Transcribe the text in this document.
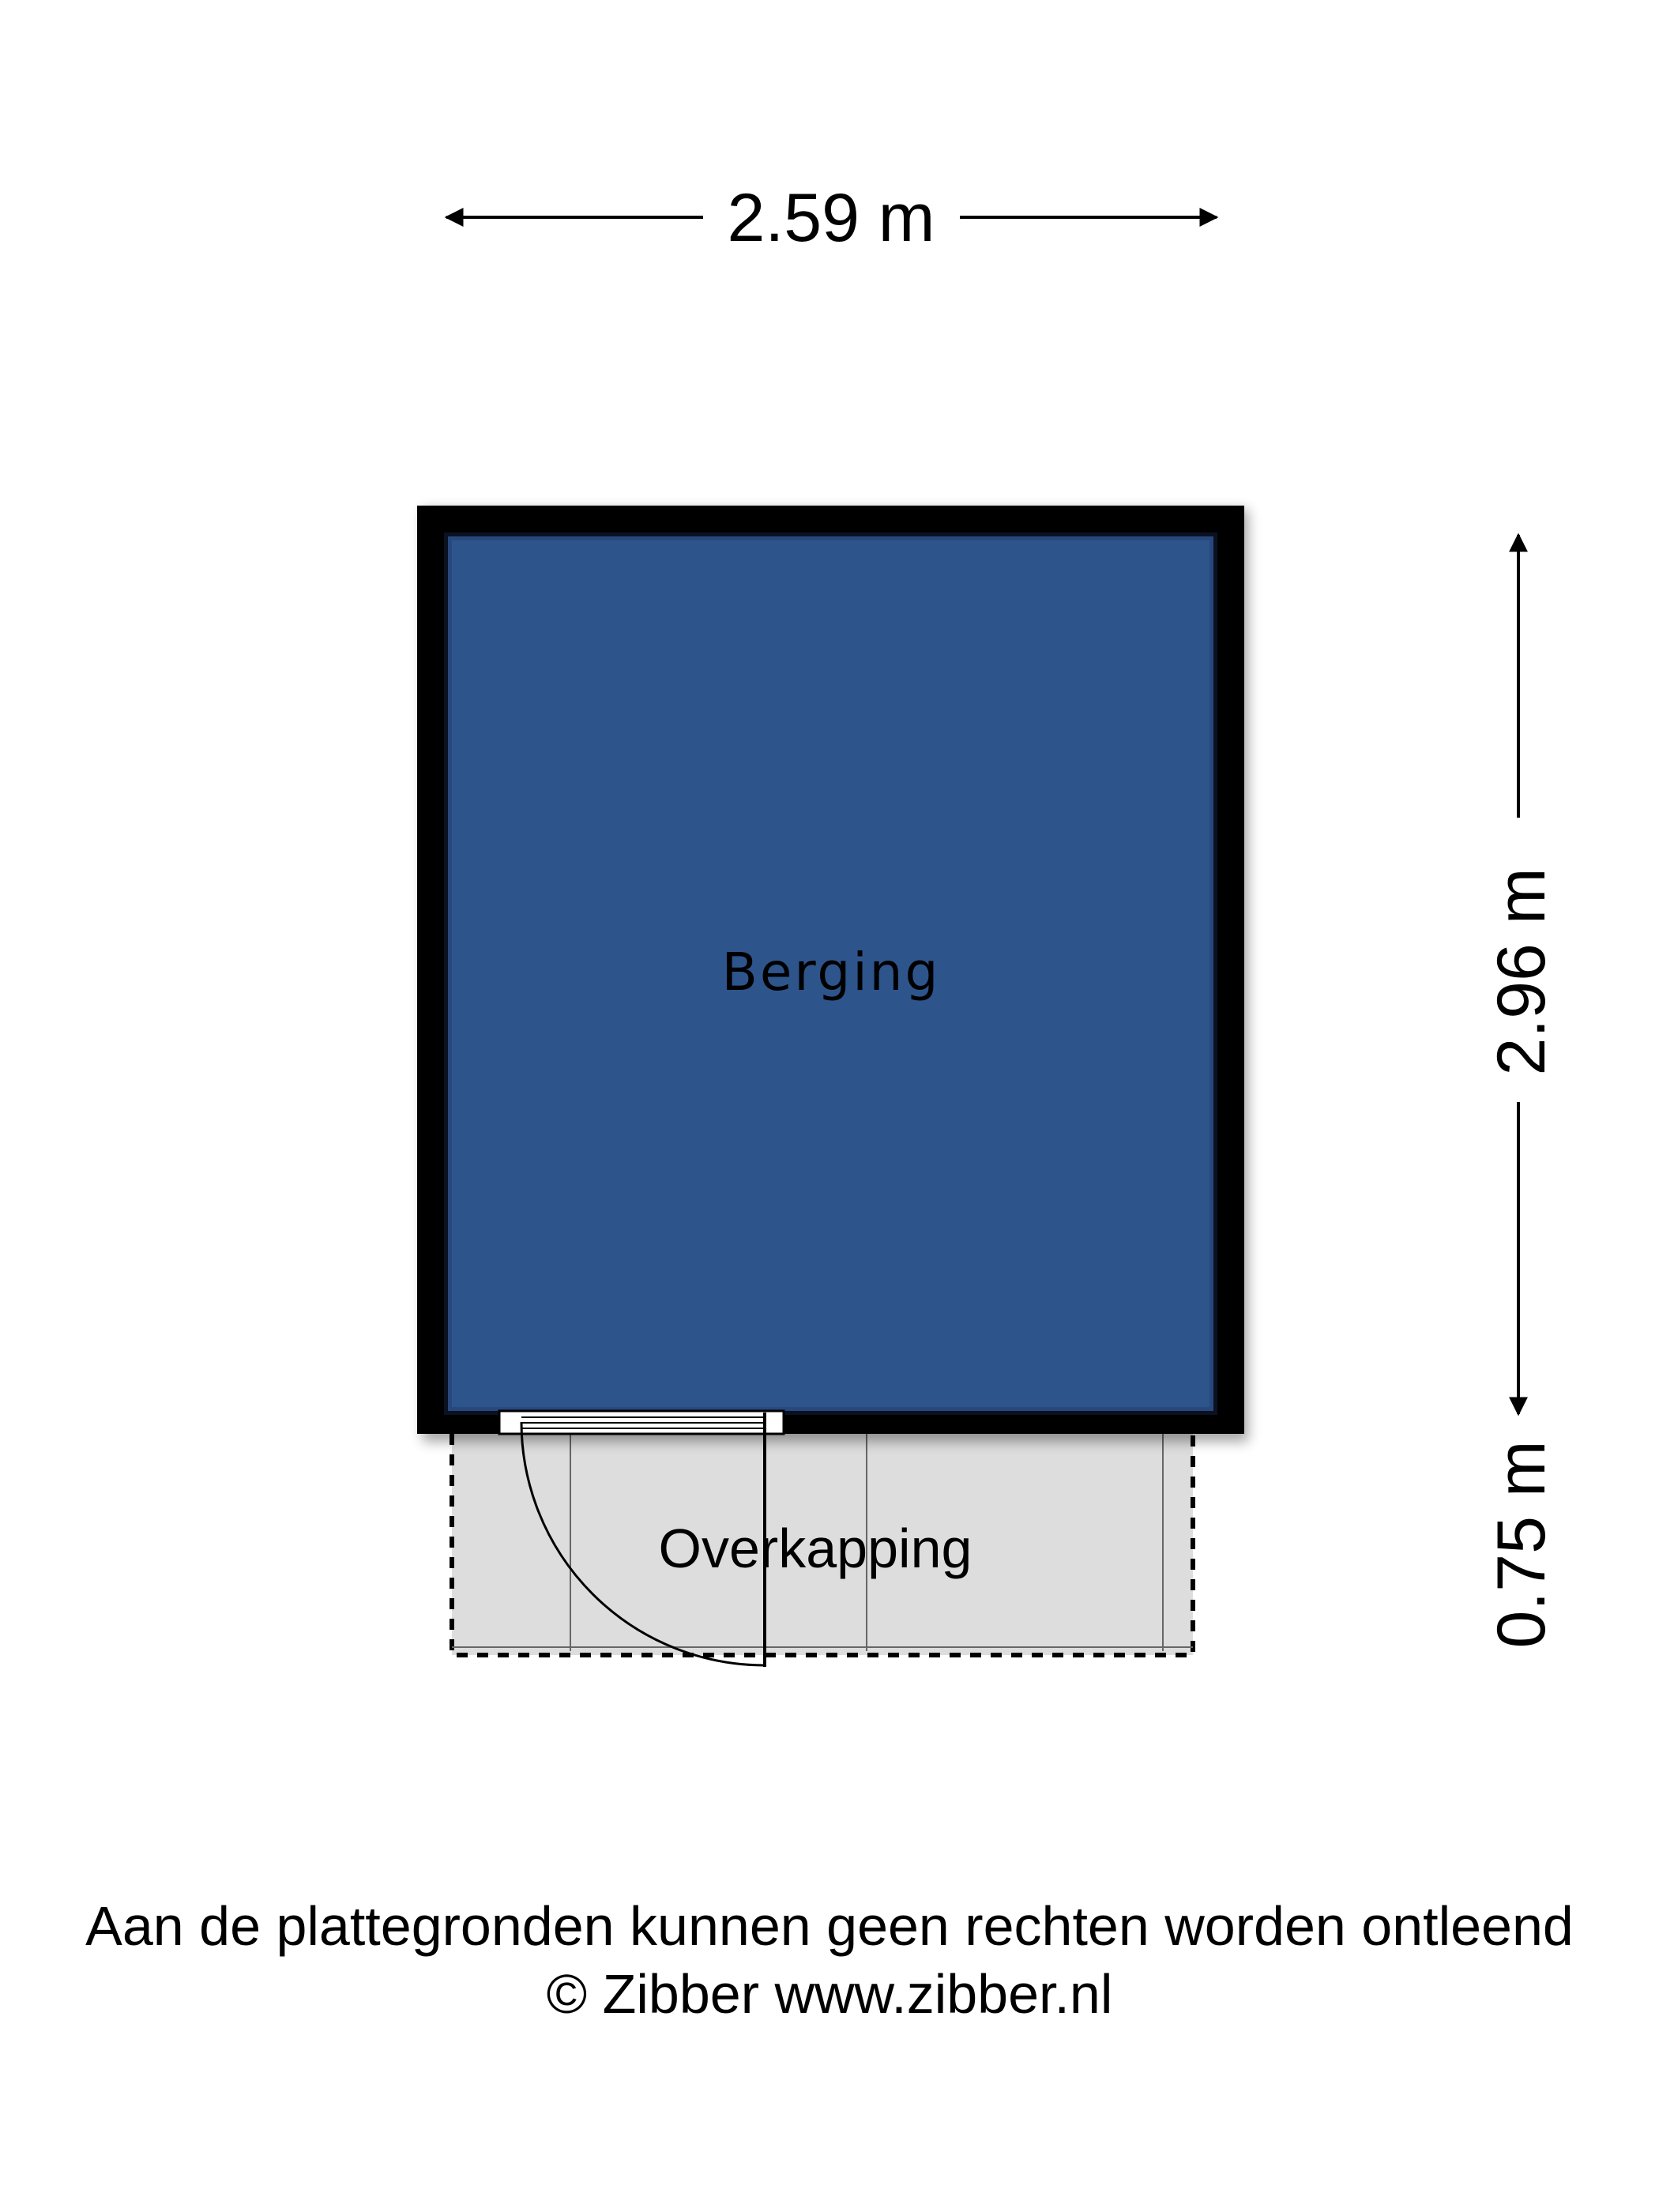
2.59 m
Berging
Overkapping
2.96 m
0.75 m
Aan de plattegronden kunnen geen rechten worden ontleend
© Zibber www.zibber.nl
